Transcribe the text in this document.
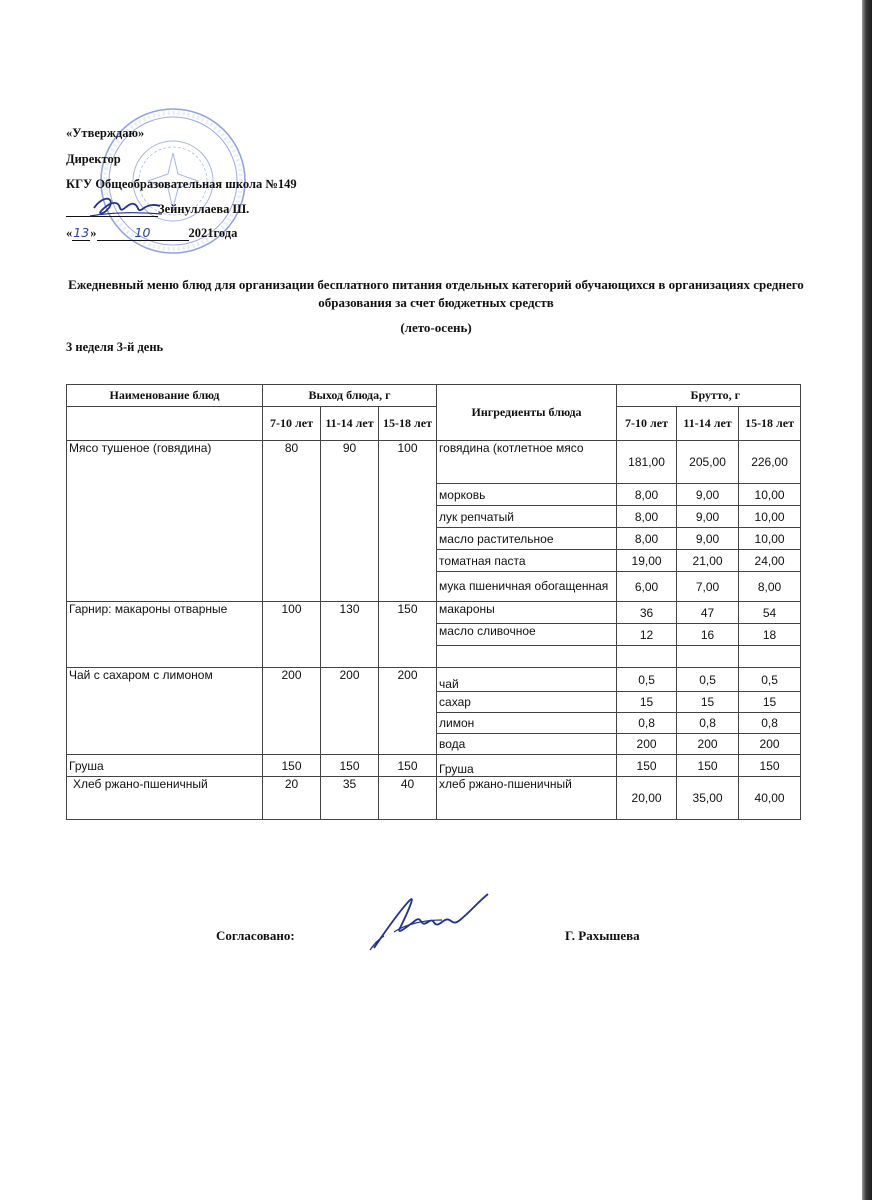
«Утверждаю»
Директор
КГУ Общеобразовательная школа №149
Зейнуллаева Ш.
«13»	10	2021года
Ежедневный меню блюд для организации бесплатного питания отдельных категорий обучающихся в организациях среднего образования за счет бюджетных средств
(лето-осень)
3 неделя 3-й день
Наименование блюд	Выход блюда, г			Ингредиенты блюда	Брутто, г		
	7-10 лет	11-14 лет	15-18 лет		7-10 лет	11-14 лет	15-18 лет
Мясо тушеное (говядина)	80	90	100	говядина (котлетное мясо	181,00	205,00	226,00
				морковь	8,00	9,00	10,00
				лук репчатый	8,00	9,00	10,00
				масло растительное	8,00	9,00	10,00
				томатная паста	19,00	21,00	24,00
				мука пшеничная обогащенная	6,00	7,00	8,00
Гарнир: макароны отварные	100	130	150	макароны	36	47	54
				масло сливочное	12	16	18

Чай с сахаром с лимоном	200	200	200	чай	0,5	0,5	0,5
				сахар	15	15	15
				лимон	0,8	0,8	0,8
				вода	200	200	200
Груша	150	150	150	Груша	150	150	150
Хлеб ржано-пшеничный	20	35	40	хлеб ржано-пшеничный	20,00	35,00	40,00
Согласовано:	Г. Рахышева
